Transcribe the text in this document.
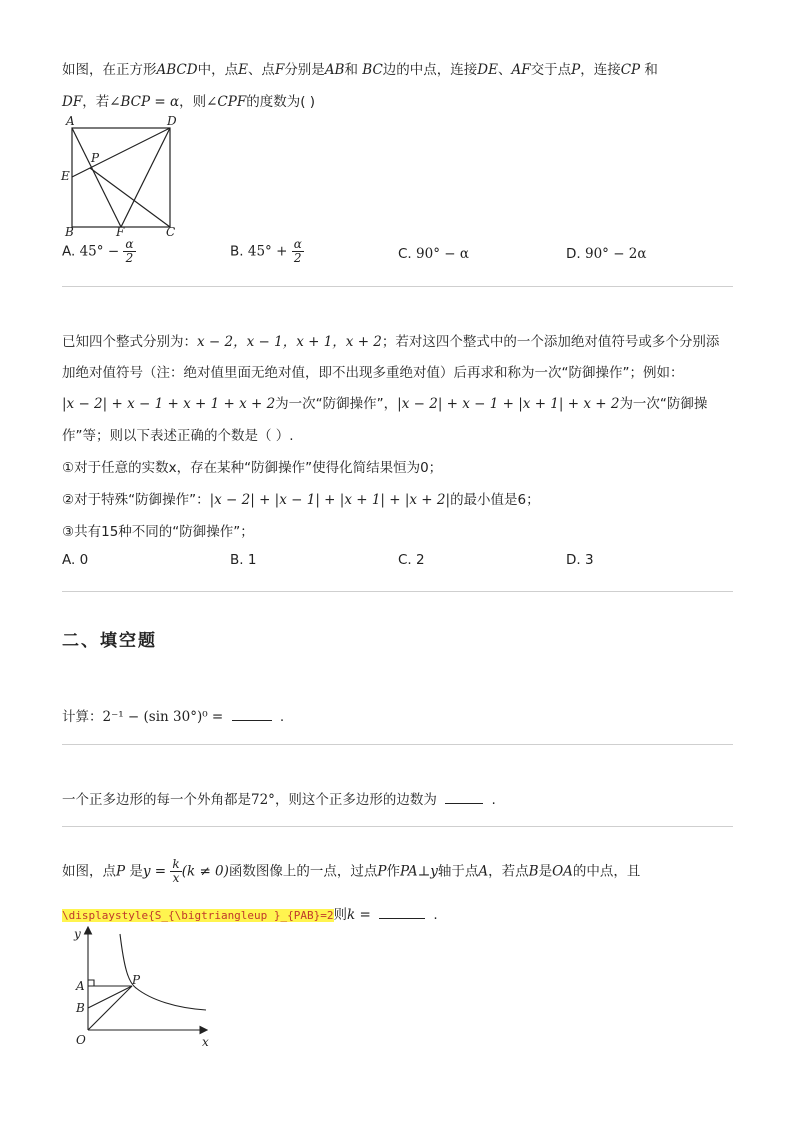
如图，在正方形ABCD中，点E、点F分别是AB和 BC边的中点，连接DE、AF交于点P，连接CP 和
DF，若∠BCP = α，则∠CPF的度数为( )
A	D
E
P
B	F	C
A. $45^\circ - \frac{\alpha}{2}$	B. $45^\circ + \frac{\alpha}{2}$	C. 90° − α	D. 90° − 2α
已知四个整式分别为：x − 2，x − 1，x + 1，x + 2；若对这四个整式中的一个添加绝对值符号或多个分别添
加绝对值符号（注：绝对值里面无绝对值，即不出现多重绝对值）后再求和称为一次“防御操作”；例如：
|x − 2| + x − 1 + x + 1 + x + 2为一次“防御操作”，|x − 2| + x − 1 + |x + 1| + x + 2为一次“防御操
作”等；则以下表述正确的个数是（ ）.
①对于任意的实数x，存在某种“防御操作”使得化简结果恒为0；
②对于特殊“防御操作”：|x − 2| + |x − 1| + |x + 1| + |x + 2|的最小值是6；
③共有15种不同的“防御操作”；
A. 0	B. 1	C. 2	D. 3
二、填空题
计算：2⁻¹ − (sin 30°)⁰ =	.
一个正多边形的每一个外角都是72°，则这个正多边形的边数为	.
如图，点P 是$y = \frac{k}{x} (k \ne 0)$函数图像上的一点，过点P作PA⊥y轴于点A，若点B是OA的中点，且
\displaystyle{S_{\bigtriangleup }_{PAB}=2则k =	.
y
x
A
B
O
P
